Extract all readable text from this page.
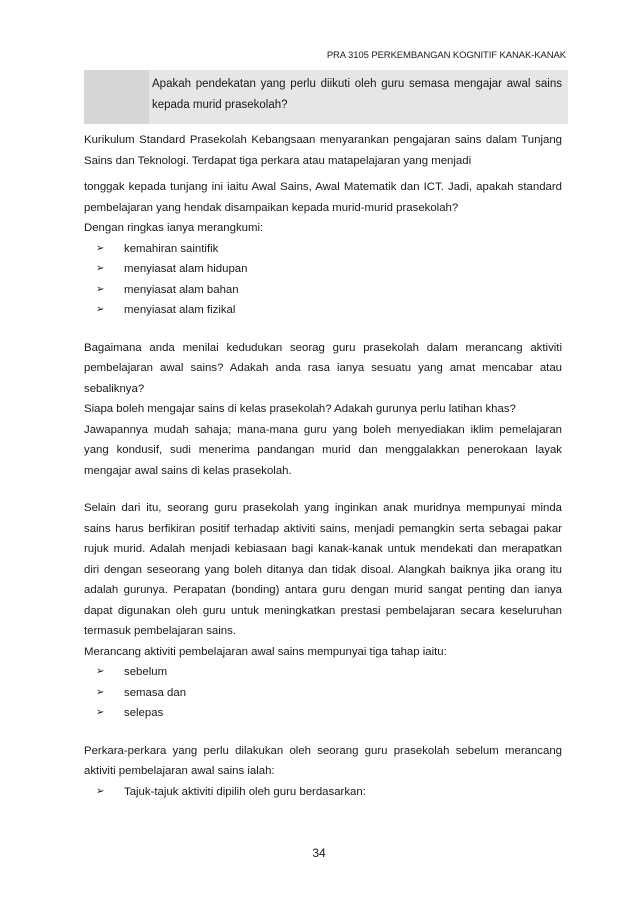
PRA 3105 PERKEMBANGAN KOGNITIF KANAK-KANAK
Apakah pendekatan yang perlu diikuti oleh guru semasa mengajar awal sains kepada murid prasekolah?

Kurikulum Standard Prasekolah Kebangsaan menyarankan pengajaran sains dalam Tunjang Sains dan Teknologi. Terdapat tiga perkara atau matapelajaran yang menjadi

tonggak kepada tunjang ini iaitu Awal Sains, Awal Matematik dan ICT. Jadi, apakah standard pembelajaran yang hendak disampaikan kepada murid-murid prasekolah?

Dengan ringkas ianya merangkumi:

➢ kemahiran saintifik
➢ menyiasat alam hidupan
➢ menyiasat alam bahan
➢ menyiasat alam fizikal

Bagaimana anda menilai kedudukan seorag guru prasekolah dalam merancang aktiviti pembelajaran awal sains? Adakah anda rasa ianya sesuatu yang amat mencabar atau sebaliknya?

Siapa boleh mengajar sains di kelas prasekolah? Adakah gurunya perlu latihan khas?

Jawapannya mudah sahaja; mana-mana guru yang boleh menyediakan iklim pemelajaran yang kondusif, sudi menerima pandangan murid dan menggalakkan penerokaan layak mengajar awal sains di kelas prasekolah.

Selain dari itu, seorang guru prasekolah yang inginkan anak muridnya mempunyai minda sains harus berfikiran positif terhadap aktiviti sains, menjadi pemangkin serta sebagai pakar rujuk murid. Adalah menjadi kebiasaan bagi kanak-kanak untuk mendekati dan merapatkan diri dengan seseorang yang boleh ditanya dan tidak disoal. Alangkah baiknya jika orang itu adalah gurunya. Perapatan (bonding) antara guru dengan murid sangat penting dan ianya dapat digunakan oleh guru untuk meningkatkan prestasi pembelajaran secara keseluruhan termasuk pembelajaran sains.

Merancang aktiviti pembelajaran awal sains mempunyai tiga tahap iaitu:

➢ sebelum
➢ semasa dan
➢ selepas

Perkara-perkara yang perlu dilakukan oleh seorang guru prasekolah sebelum merancang aktiviti pembelajaran awal sains ialah:

➢ Tajuk-tajuk aktiviti dipilih oleh guru berdasarkan:
34
